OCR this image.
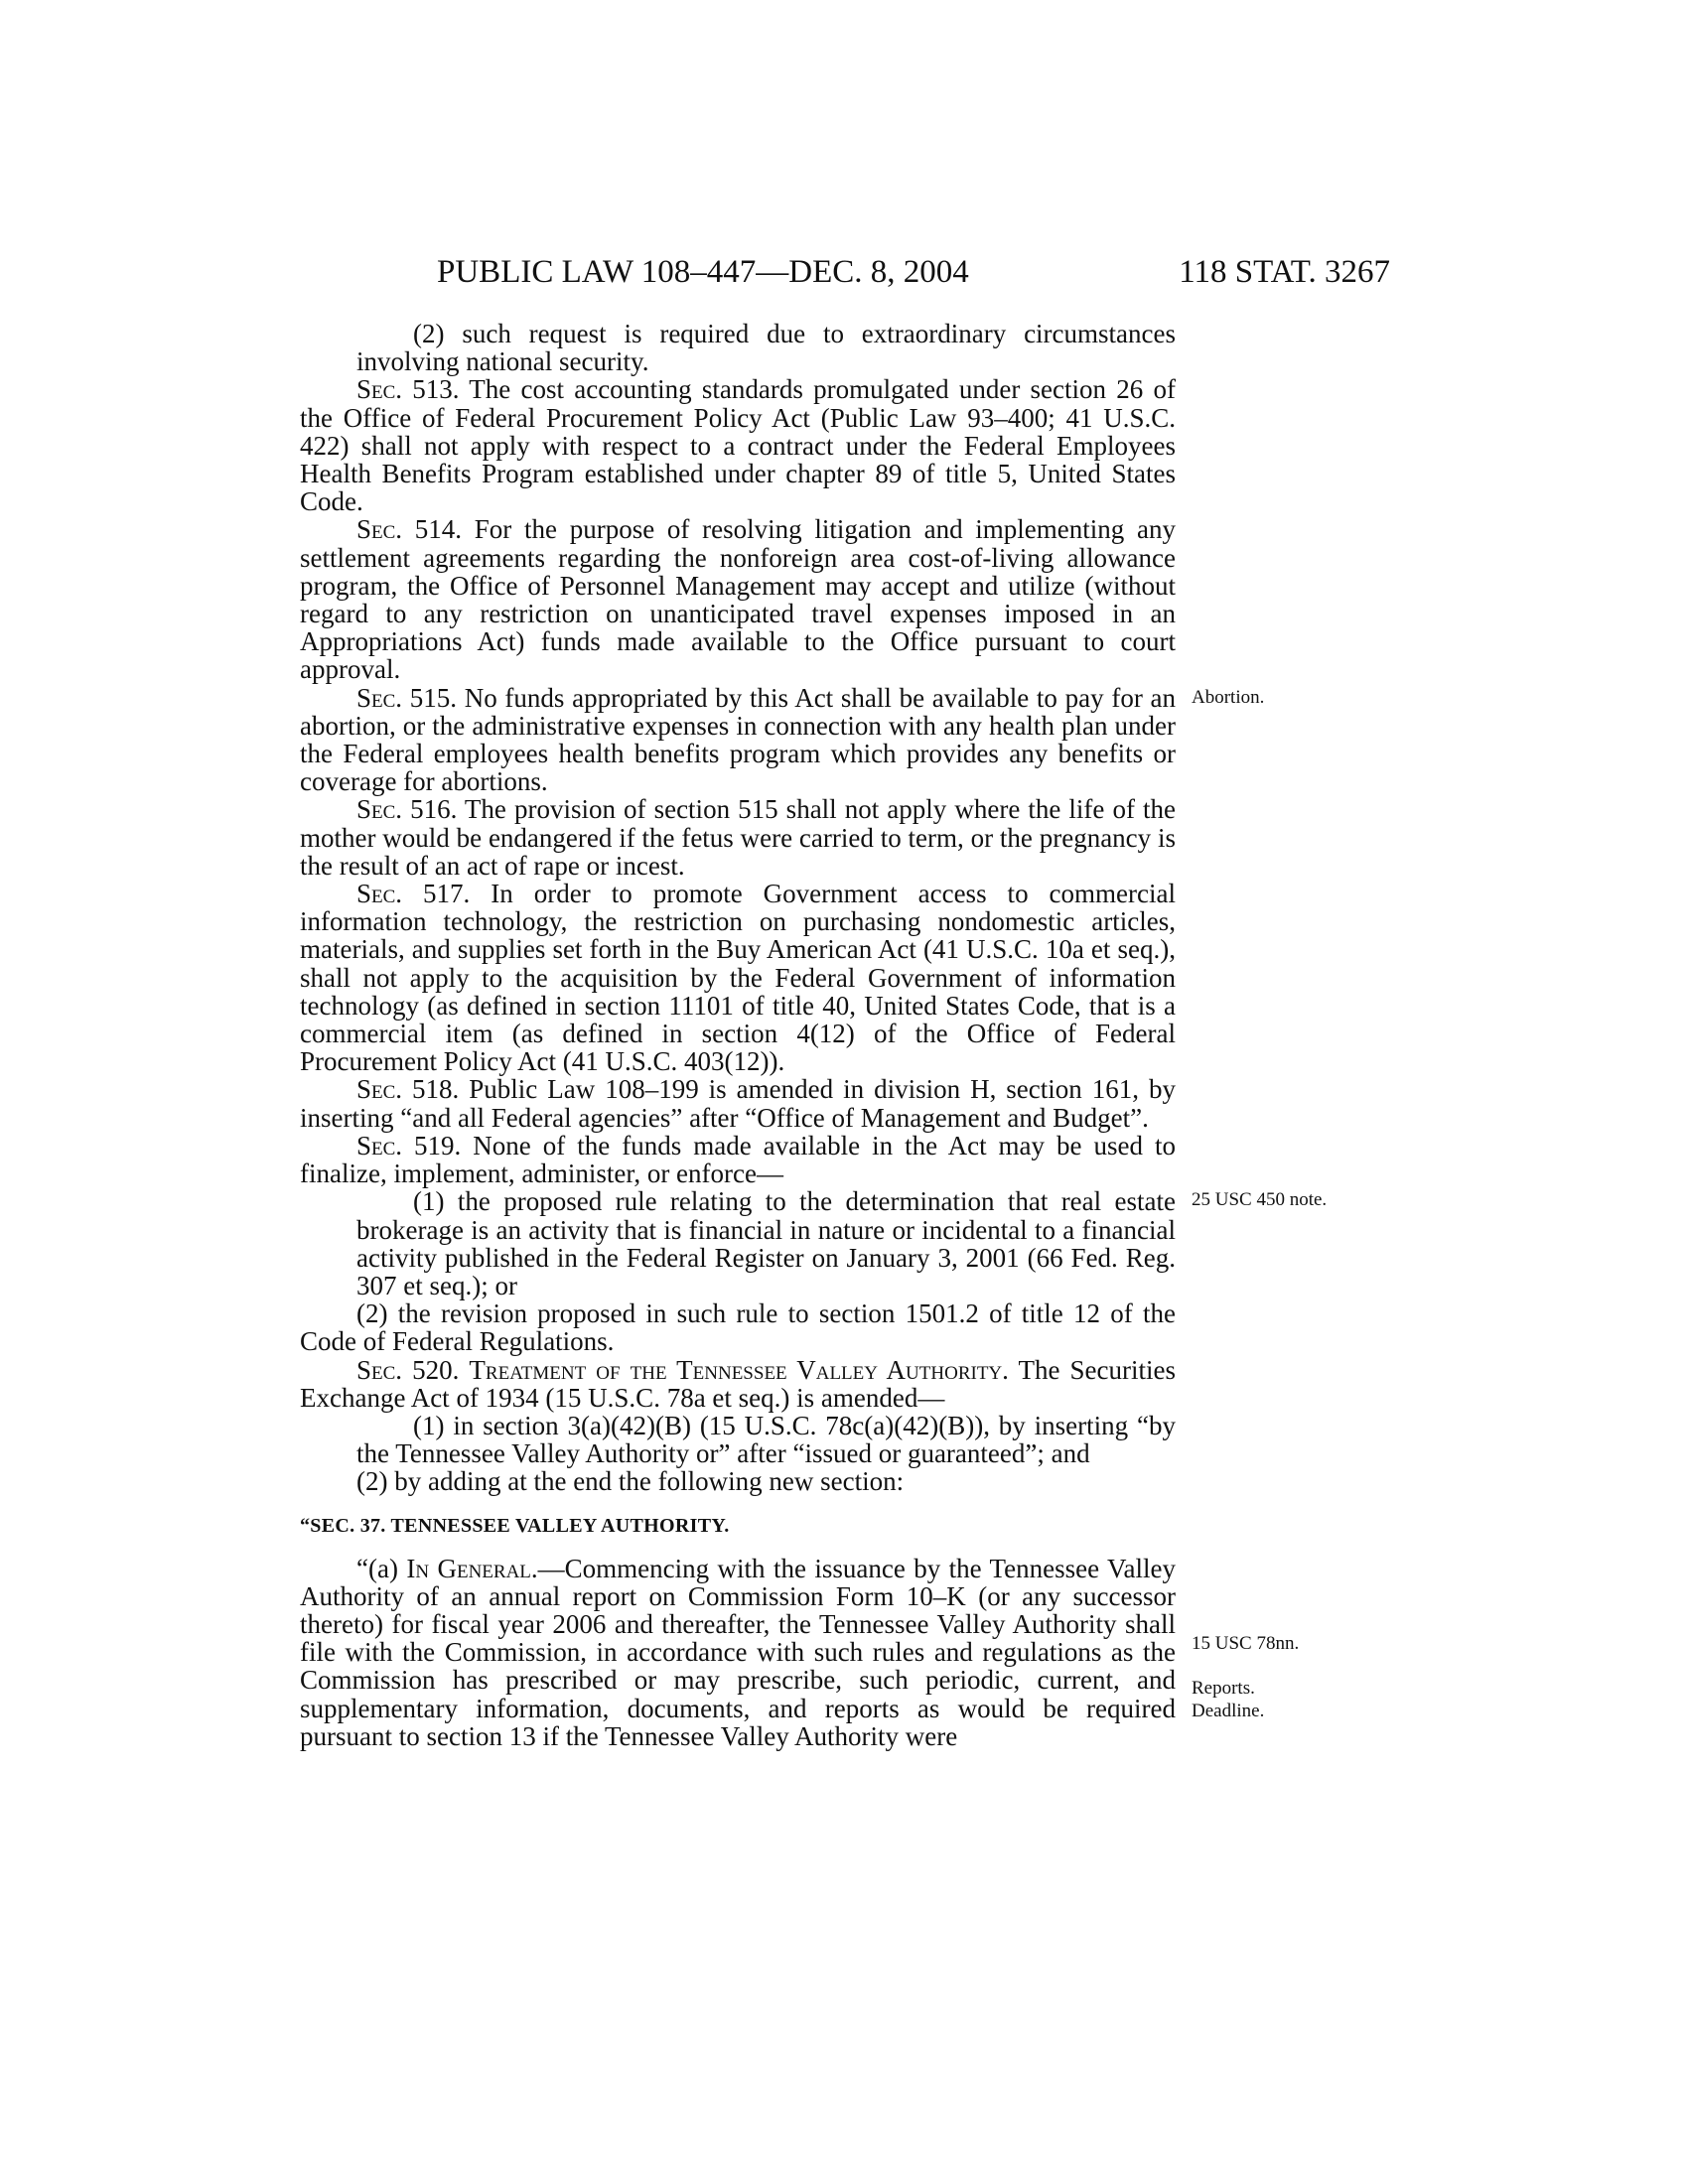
PUBLIC LAW 108–447—DEC. 8, 2004	118 STAT. 3267

(2) such request is required due to extraordinary circumstances involving national security.

Sec. 513. The cost accounting standards promulgated under section 26 of the Office of Federal Procurement Policy Act (Public Law 93–400; 41 U.S.C. 422) shall not apply with respect to a contract under the Federal Employees Health Benefits Program established under chapter 89 of title 5, United States Code.

Sec. 514. For the purpose of resolving litigation and implementing any settlement agreements regarding the nonforeign area cost-of-living allowance program, the Office of Personnel Management may accept and utilize (without regard to any restriction on unanticipated travel expenses imposed in an Appropriations Act) funds made available to the Office pursuant to court approval.

Sec. 515. No funds appropriated by this Act shall be available to pay for an abortion, or the administrative expenses in connection with any health plan under the Federal employees health benefits program which provides any benefits or coverage for abortions.

Sec. 516. The provision of section 515 shall not apply where the life of the mother would be endangered if the fetus were carried to term, or the pregnancy is the result of an act of rape or incest.

Sec. 517. In order to promote Government access to commercial information technology, the restriction on purchasing nondomestic articles, materials, and supplies set forth in the Buy American Act (41 U.S.C. 10a et seq.), shall not apply to the acquisition by the Federal Government of information technology (as defined in section 11101 of title 40, United States Code, that is a commercial item (as defined in section 4(12) of the Office of Federal Procurement Policy Act (41 U.S.C. 403(12)).

Sec. 518. Public Law 108–199 is amended in division H, section 161, by inserting “and all Federal agencies” after “Office of Management and Budget”.

Sec. 519. None of the funds made available in the Act may be used to finalize, implement, administer, or enforce—

(1) the proposed rule relating to the determination that real estate brokerage is an activity that is financial in nature or incidental to a financial activity published in the Federal Register on January 3, 2001 (66 Fed. Reg. 307 et seq.); or

(2) the revision proposed in such rule to section 1501.2 of title 12 of the Code of Federal Regulations.

Sec. 520. Treatment of the Tennessee Valley Authority. The Securities Exchange Act of 1934 (15 U.S.C. 78a et seq.) is amended—

(1) in section 3(a)(42)(B) (15 U.S.C. 78c(a)(42)(B)), by inserting “by the Tennessee Valley Authority or” after “issued or guaranteed”; and

(2) by adding at the end the following new section:

“SEC. 37. TENNESSEE VALLEY AUTHORITY.

“(a) In General.—Commencing with the issuance by the Tennessee Valley Authority of an annual report on Commission Form 10–K (or any successor thereto) for fiscal year 2006 and thereafter, the Tennessee Valley Authority shall file with the Commission, in accordance with such rules and regulations as the Commission has prescribed or may prescribe, such periodic, current, and supplementary information, documents, and reports as would be required pursuant to section 13 if the Tennessee Valley Authority were

Abortion.
25 USC 450 note.
15 USC 78nn.
Reports.
Deadline.
